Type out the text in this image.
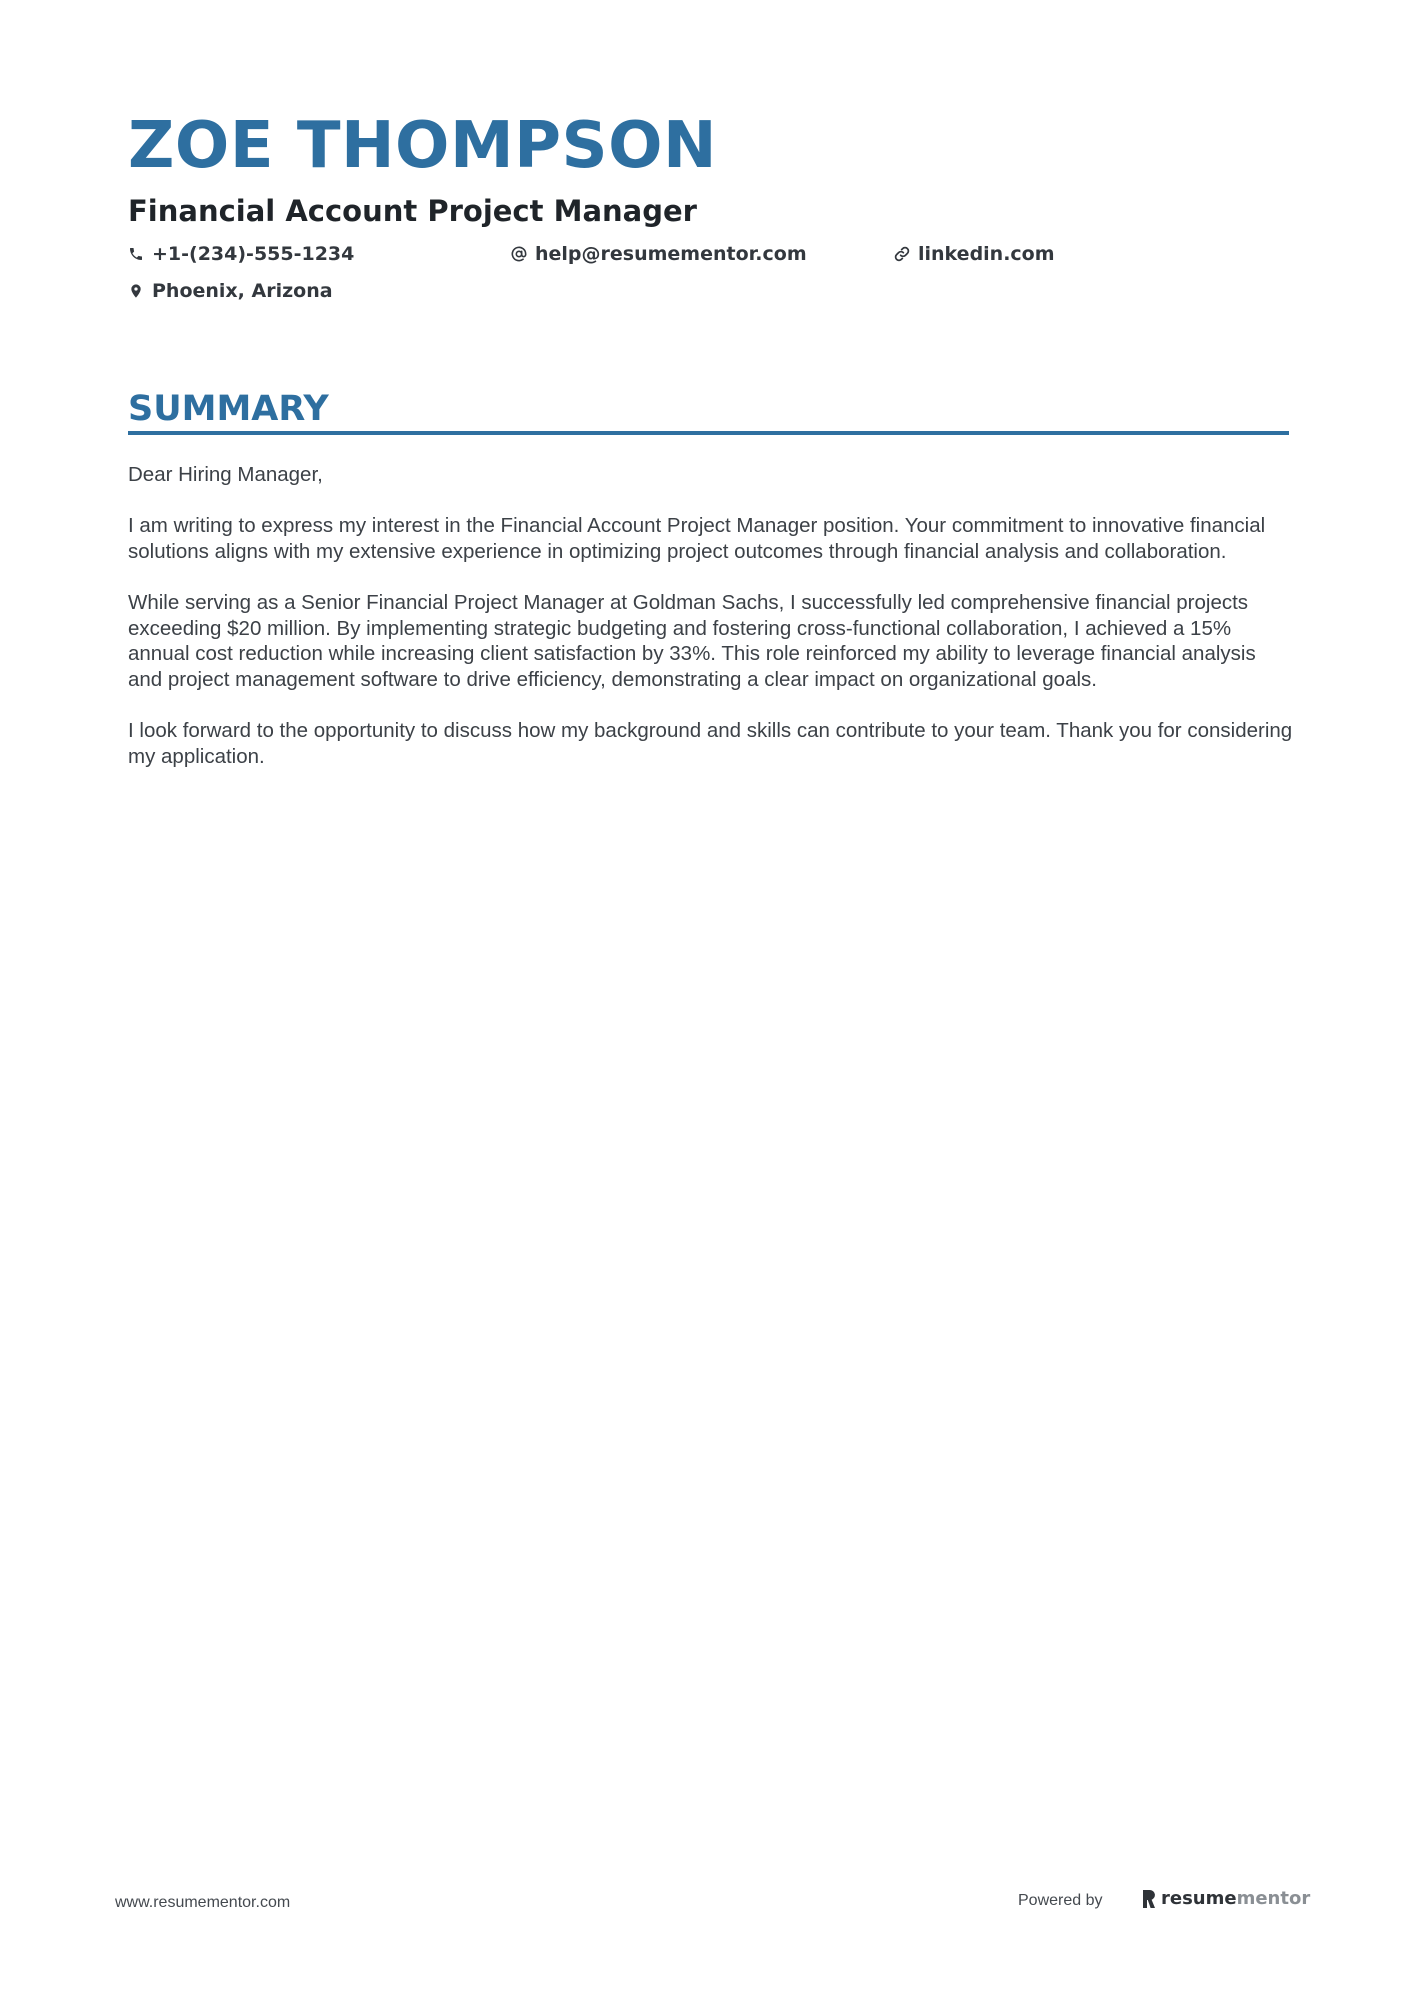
ZOE THOMPSON
Financial Account Project Manager
+1-(234)-555-1234	help@resumementor.com	linkedin.com
Phoenix, Arizona
SUMMARY

Dear Hiring Manager,

I am writing to express my interest in the Financial Account Project Manager position. Your commitment to innovative financial solutions aligns with my extensive experience in optimizing project outcomes through financial analysis and collaboration.

While serving as a Senior Financial Project Manager at Goldman Sachs, I successfully led comprehensive financial projects exceeding $20 million. By implementing strategic budgeting and fostering cross-functional collaboration, I achieved a 15% annual cost reduction while increasing client satisfaction by 33%. This role reinforced my ability to leverage financial analysis and project management software to drive efficiency, demonstrating a clear impact on organizational goals.

I look forward to the opportunity to discuss how my background and skills can contribute to your team. Thank you for considering my application.

www.resumementor.com	Powered by	resume mentor
